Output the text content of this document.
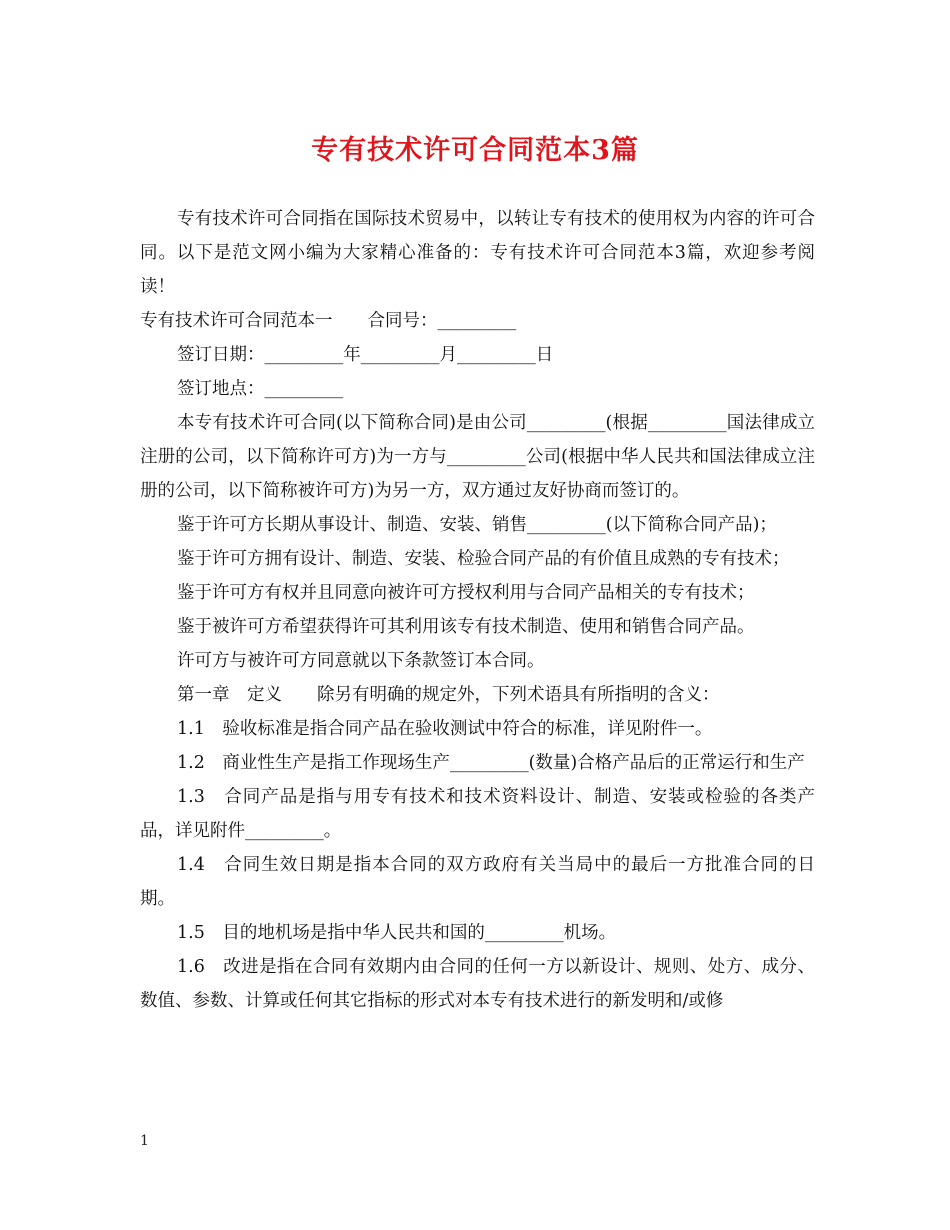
专有技术许可合同范本3篇

专有技术许可合同指在国际技术贸易中，以转让专有技术的使用权为内容的许可合同。以下是范文网小编为大家精心准备的：专有技术许可合同范本3篇，欢迎参考阅读！

专有技术许可合同范本一　　合同号：_________

签订日期：_________年_________月_________日

签订地点：_________

本专有技术许可合同(以下简称合同)是由公司_________(根据_________国法律成立注册的公司，以下简称许可方)为一方与_________公司(根据中华人民共和国法律成立注册的公司，以下简称被许可方)为另一方，双方通过友好协商而签订的。

鉴于许可方长期从事设计、制造、安装、销售_________(以下简称合同产品)；

鉴于许可方拥有设计、制造、安装、检验合同产品的有价值且成熟的专有技术；

鉴于许可方有权并且同意向被许可方授权利用与合同产品相关的专有技术；

鉴于被许可方希望获得许可其利用该专有技术制造、使用和销售合同产品。

许可方与被许可方同意就以下条款签订本合同。

第一章　定义　　除另有明确的规定外，下列术语具有所指明的含义：

1.1　验收标准是指合同产品在验收测试中符合的标准，详见附件一。

1.2　商业性生产是指工作现场生产_________(数量)合格产品后的正常运行和生产

1.3　合同产品是指与用专有技术和技术资料设计、制造、安装或检验的各类产品，详见附件_________。

1.4　合同生效日期是指本合同的双方政府有关当局中的最后一方批准合同的日期。

1.5　目的地机场是指中华人民共和国的_________机场。

1.6　改进是指在合同有效期内由合同的任何一方以新设计、规则、处方、成分、数值、参数、计算或任何其它指标的形式对本专有技术进行的新发明和/或修

1
